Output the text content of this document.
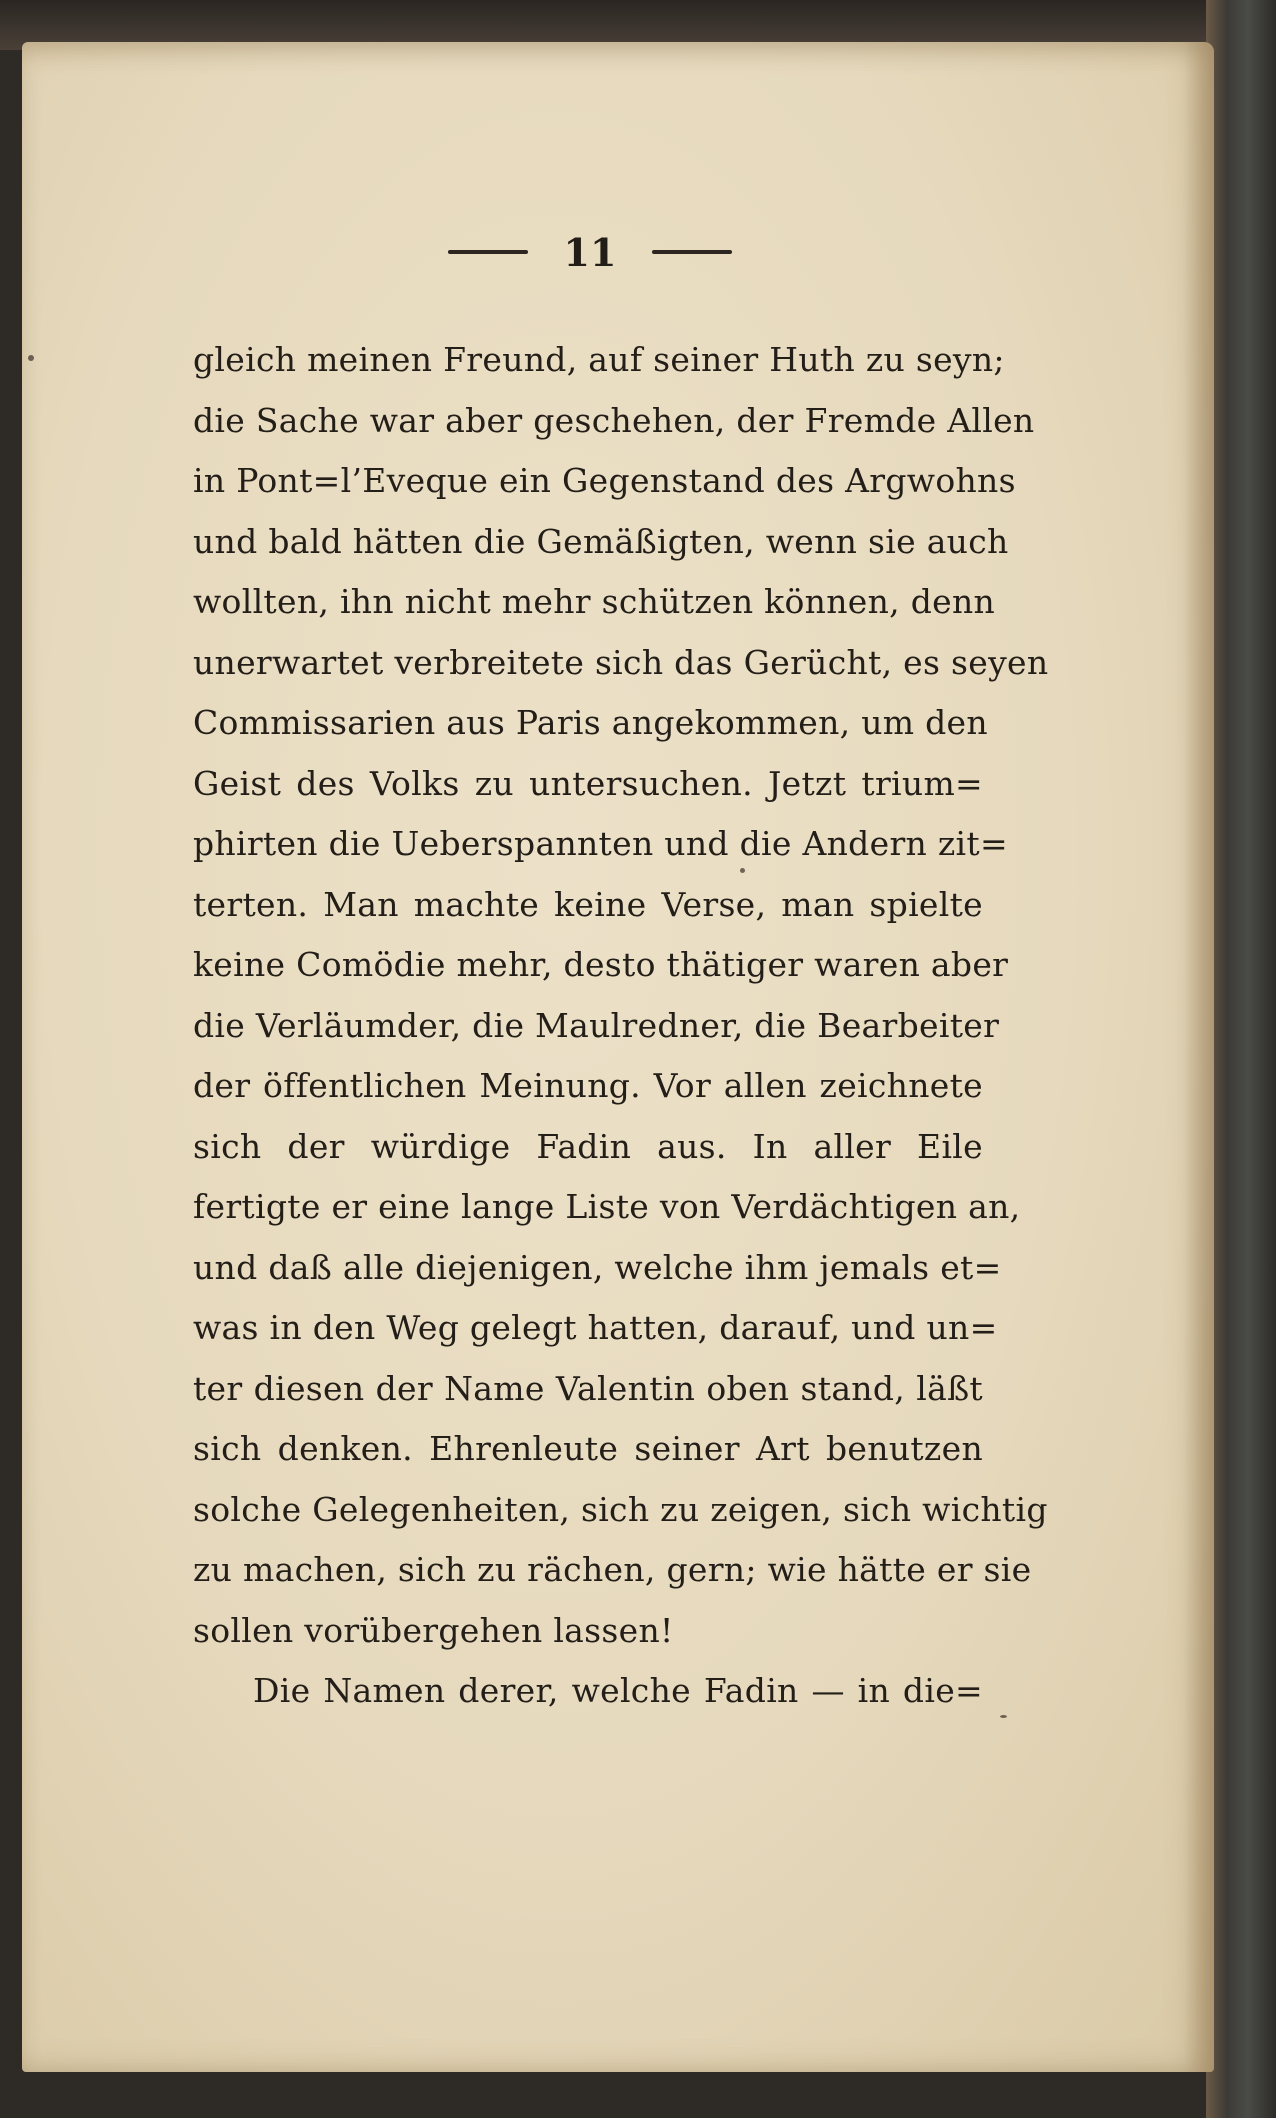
11
gleich meinen Freund, auf seiner Huth zu seyn;
die Sache war aber geschehen, der Fremde Allen
in Pont=l’Eveque ein Gegenstand des Argwohns
und bald hätten die Gemäßigten, wenn sie auch
wollten, ihn nicht mehr schützen können, denn
unerwartet verbreitete sich das Gerücht, es seyen
Commissarien aus Paris angekommen, um den
Geist des Volks zu untersuchen. Jetzt trium=
phirten die Ueberspannten und die Andern zit=
terten. Man machte keine Verse, man spielte
keine Comödie mehr, desto thätiger waren aber
die Verläumder, die Maulredner, die Bearbeiter
der öffentlichen Meinung. Vor allen zeichnete
sich der würdige Fadin aus. In aller Eile
fertigte er eine lange Liste von Verdächtigen an,
und daß alle diejenigen, welche ihm jemals et=
was in den Weg gelegt hatten, darauf, und un=
ter diesen der Name Valentin oben stand, läßt
sich denken. Ehrenleute seiner Art benutzen
solche Gelegenheiten, sich zu zeigen, sich wichtig
zu machen, sich zu rächen, gern; wie hätte er sie
sollen vorübergehen lassen!
Die Namen derer, welche Fadin — in die=
